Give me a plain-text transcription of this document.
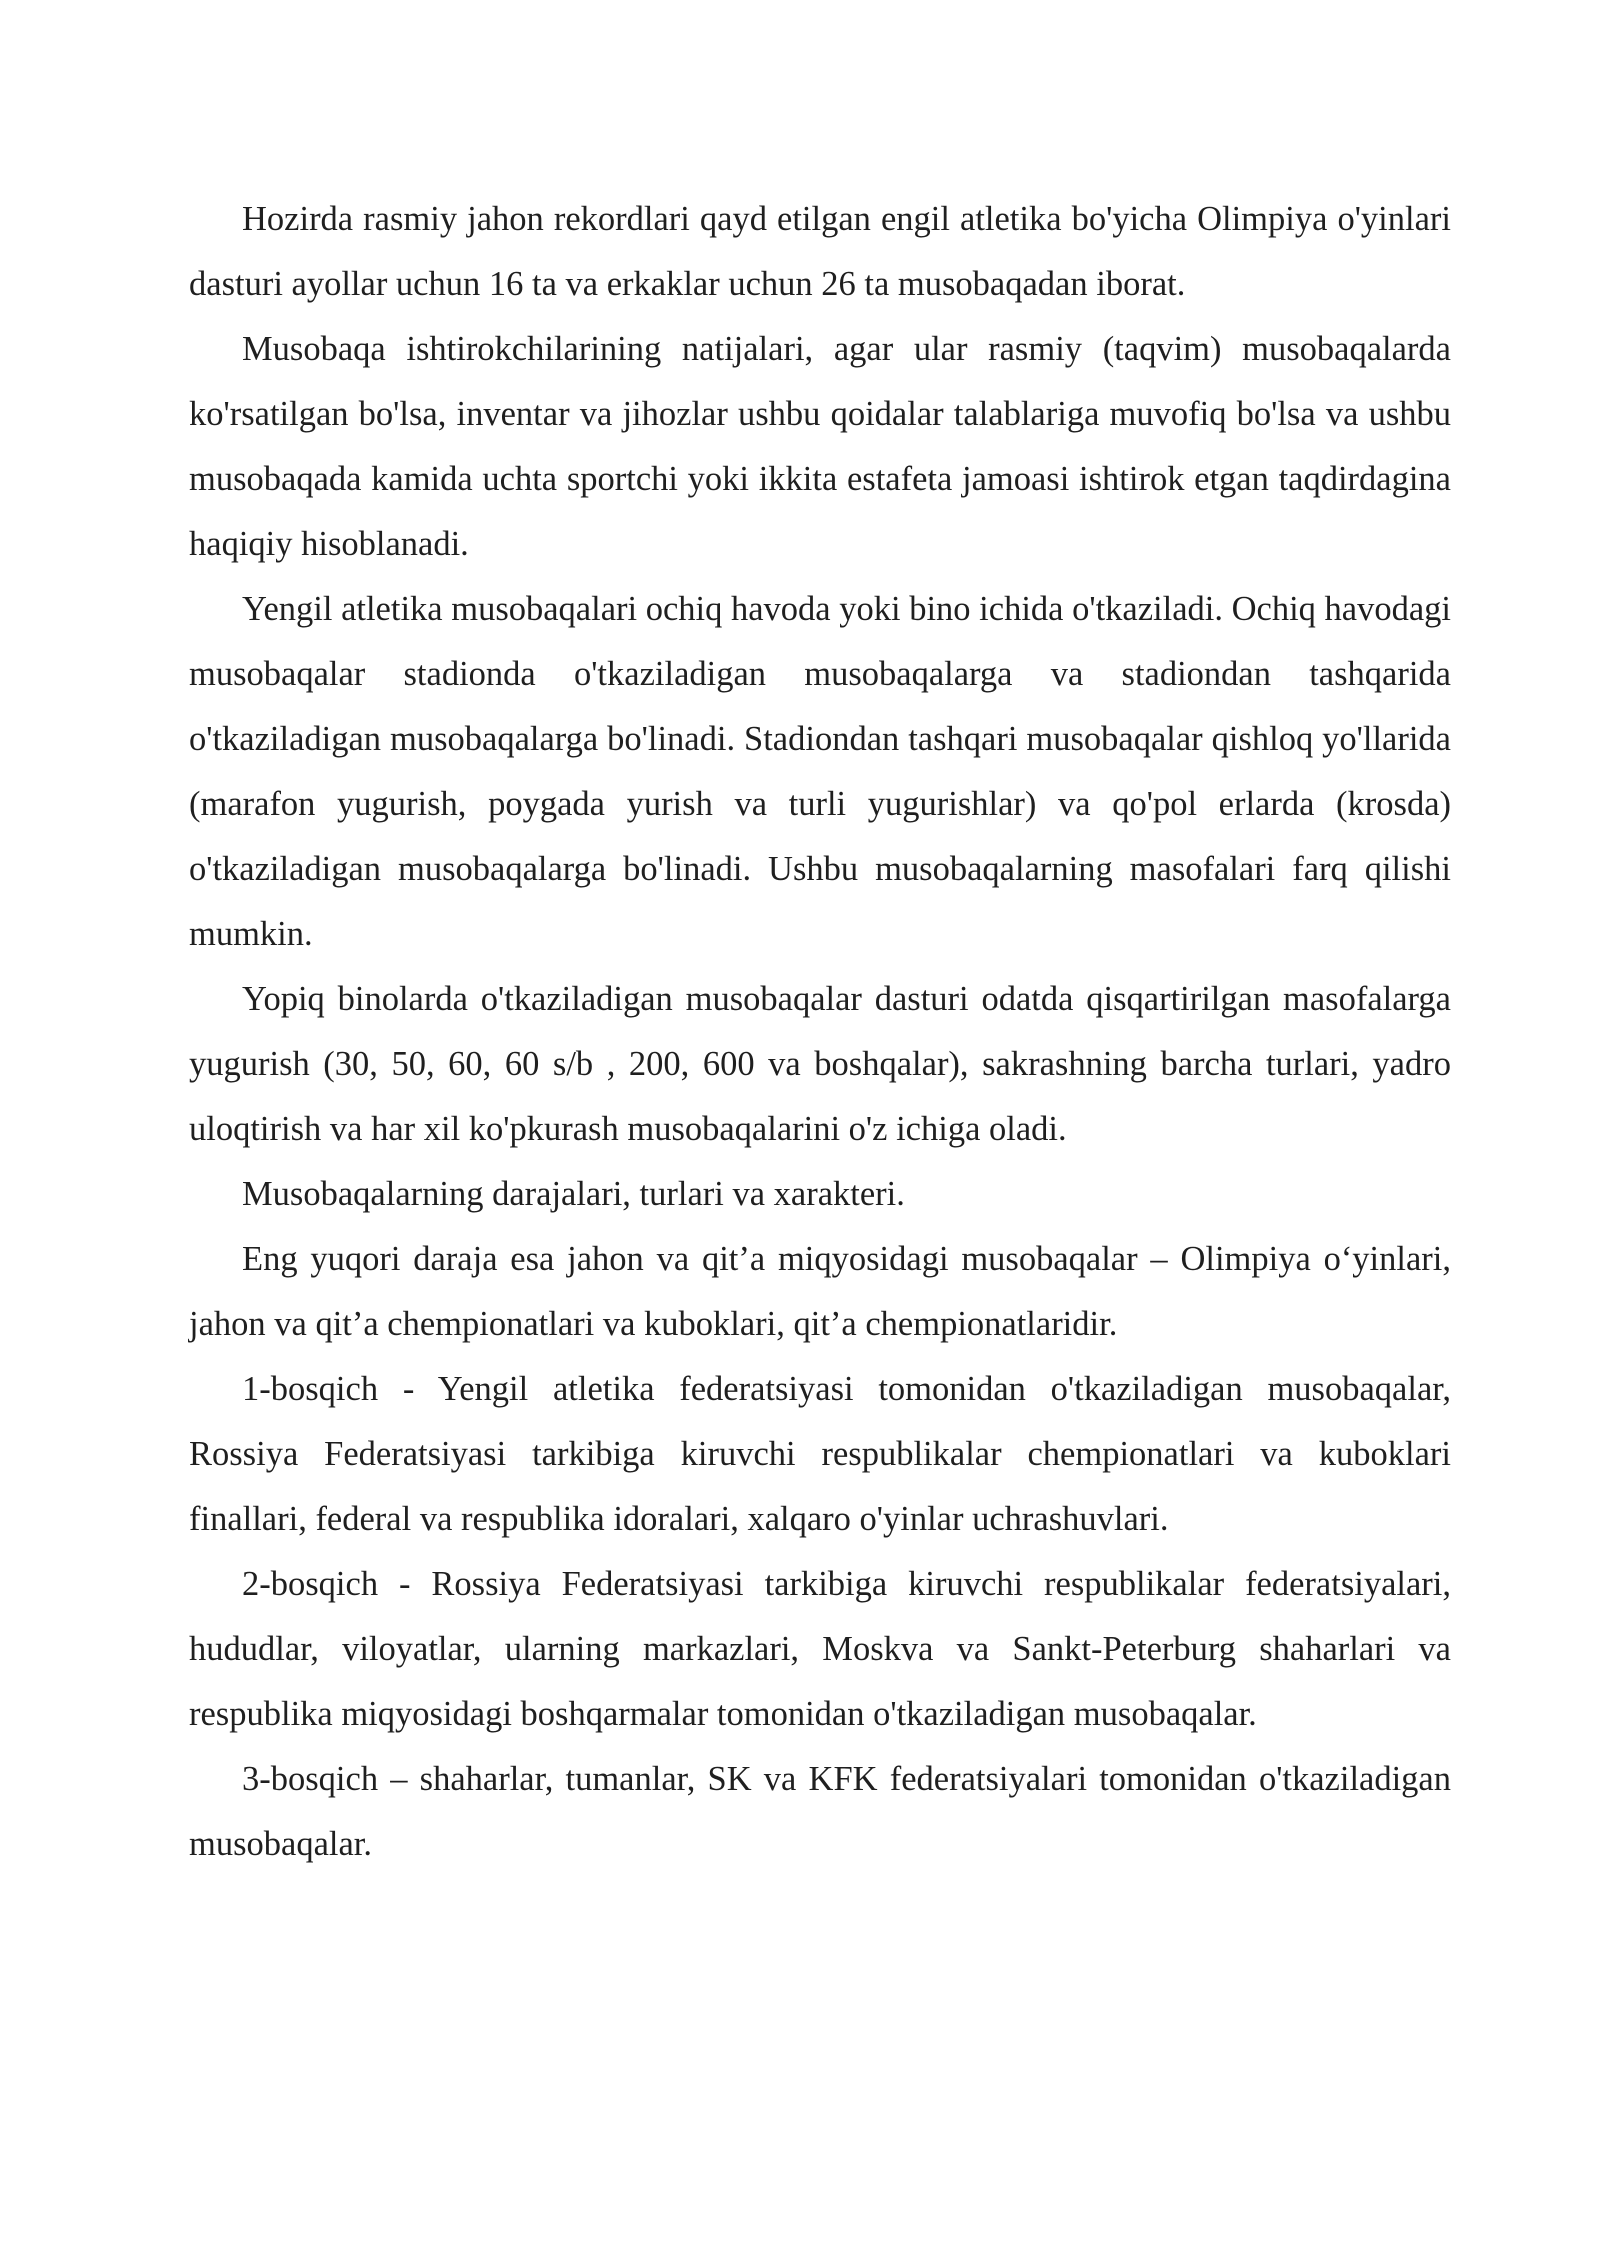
Hozirda rasmiy jahon rekordlari qayd etilgan engil atletika bo'yicha Olimpiya o'yinlari dasturi ayollar uchun 16 ta va erkaklar uchun 26 ta musobaqadan iborat.

Musobaqa ishtirokchilarining natijalari, agar ular rasmiy (taqvim) musobaqalarda ko'rsatilgan bo'lsa, inventar va jihozlar ushbu qoidalar talablariga muvofiq bo'lsa va ushbu musobaqada kamida uchta sportchi yoki ikkita estafeta jamoasi ishtirok etgan taqdirdagina haqiqiy hisoblanadi.

Yengil atletika musobaqalari ochiq havoda yoki bino ichida o'tkaziladi. Ochiq havodagi musobaqalar stadionda o'tkaziladigan musobaqalarga va stadiondan tashqarida o'tkaziladigan musobaqalarga bo'linadi. Stadiondan tashqari musobaqalar qishloq yo'llarida (marafon yugurish, poygada yurish va turli yugurishlar) va qo'pol erlarda (krosda) o'tkaziladigan musobaqalarga bo'linadi. Ushbu musobaqalarning masofalari farq qilishi mumkin.

Yopiq binolarda o'tkaziladigan musobaqalar dasturi odatda qisqartirilgan masofalarga yugurish (30, 50, 60, 60 s/b , 200, 600 va boshqalar), sakrashning barcha turlari, yadro uloqtirish va har xil ko'pkurash musobaqalarini o'z ichiga oladi.

Musobaqalarning darajalari, turlari va xarakteri.

Eng yuqori daraja esa jahon va qit’a miqyosidagi musobaqalar – Olimpiya o‘yinlari, jahon va qit’a chempionatlari va kuboklari, qit’a chempionatlaridir.

1-bosqich - Yengil atletika federatsiyasi tomonidan o'tkaziladigan musobaqalar, Rossiya Federatsiyasi tarkibiga kiruvchi respublikalar chempionatlari va kuboklari finallari, federal va respublika idoralari, xalqaro o'yinlar uchrashuvlari.

2-bosqich - Rossiya Federatsiyasi tarkibiga kiruvchi respublikalar federatsiyalari, hududlar, viloyatlar, ularning markazlari, Moskva va Sankt-Peterburg shaharlari va respublika miqyosidagi boshqarmalar tomonidan o'tkaziladigan musobaqalar.

3-bosqich – shaharlar, tumanlar, SK va KFK federatsiyalari tomonidan o'tkaziladigan musobaqalar.
